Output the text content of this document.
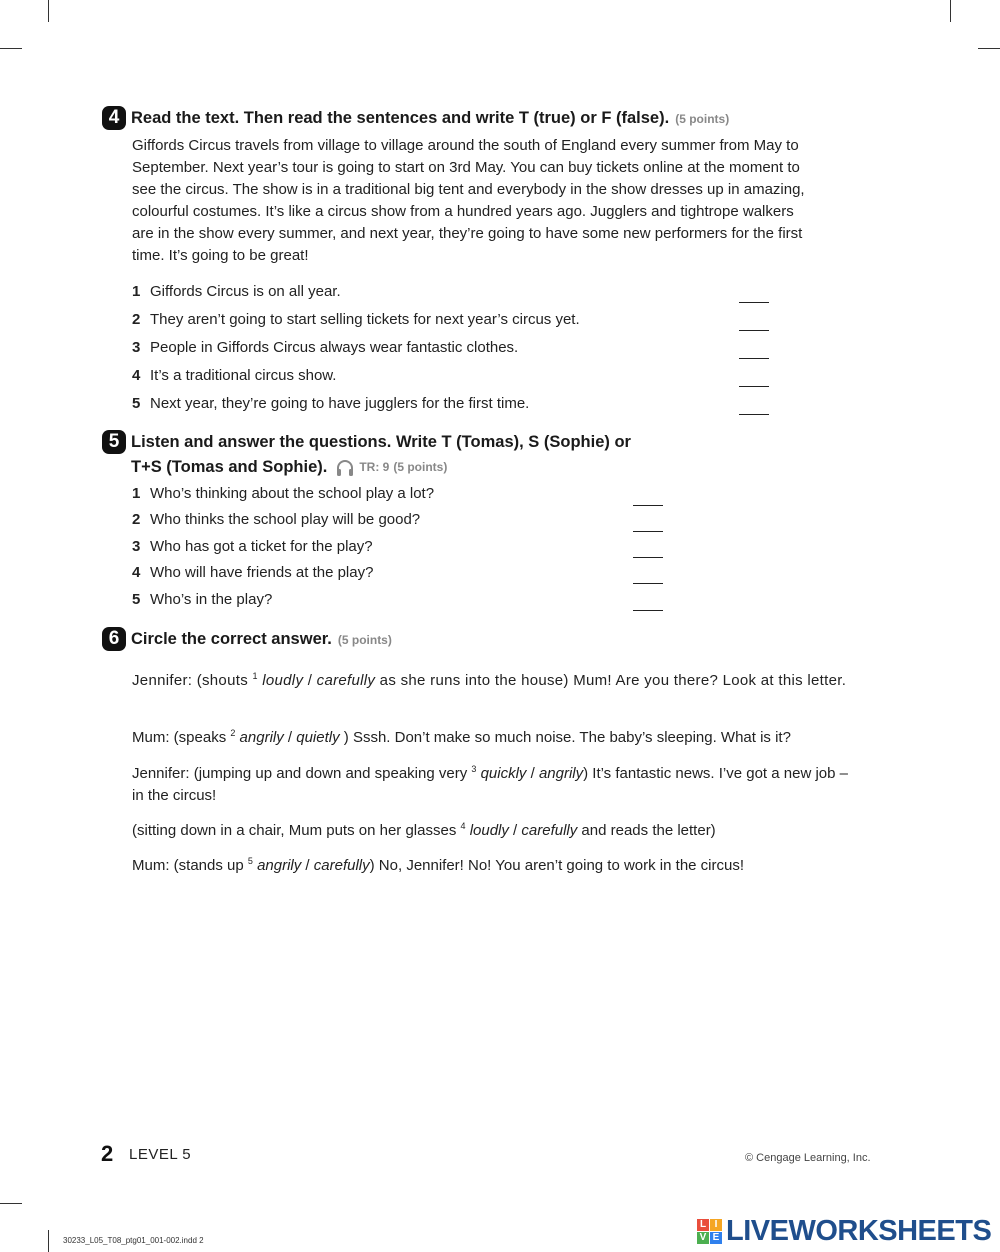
4 Read the text. Then read the sentences and write T (true) or F (false). (5 points)
Giffords Circus travels from village to village around the south of England every summer from May to
September. Next year’s tour is going to start on 3rd May. You can buy tickets online at the moment to
see the circus. The show is in a traditional big tent and everybody in the show dresses up in amazing,
colourful costumes. It’s like a circus show from a hundred years ago. Jugglers and tightrope walkers
are in the show every summer, and next year, they’re going to have some new performers for the first
time. It’s going to be great!
1 Giffords Circus is on all year.
2 They aren’t going to start selling tickets for next year’s circus yet.
3 People in Giffords Circus always wear fantastic clothes.
4 It’s a traditional circus show.
5 Next year, they’re going to have jugglers for the first time.
5 Listen and answer the questions. Write T (Tomas), S (Sophie) or
T+S (Tomas and Sophie).	TR: 9 (5 points)
1 Who’s thinking about the school play a lot?
2 Who thinks the school play will be good?
3 Who has got a ticket for the play?
4 Who will have friends at the play?
5 Who’s in the play?
6 Circle the correct answer. (5 points)
Jennifer: (shouts $^1$ loudly / carefully as she runs into the house) Mum! Are you there? Look at this letter.
Mum: (speaks $^2$ angrily / quietly ) Sssh. Don’t make so much noise. The baby’s sleeping. What is it?
Jennifer: (jumping up and down and speaking very $^3$ quickly / angrily) It’s fantastic news. I’ve got a new job – in the circus!
(sitting down in a chair, Mum puts on her glasses $^4$ loudly / carefully and reads the letter)
Mum: (stands up $^5$ angrily / carefully) No, Jennifer! No! You aren’t going to work in the circus!
2 LEVEL 5	© Cengage Learning, Inc.
30233_L05_T08_ptg01_001-002.indd 2
L I
V E LIVEWORKSHEETS
